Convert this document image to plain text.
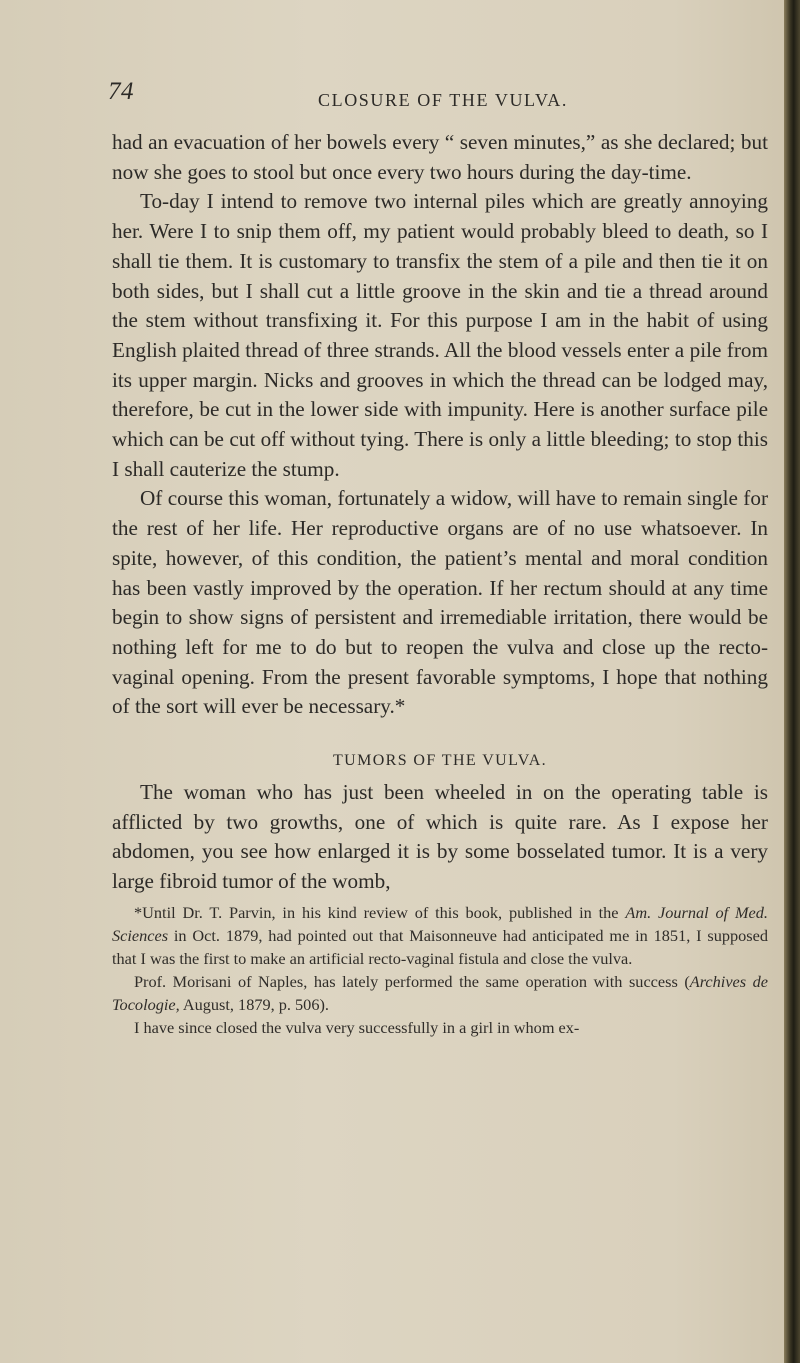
74	CLOSURE OF THE VULVA.

had an evacuation of her bowels every “ seven minutes,” as she declared; but now she goes to stool but once every two hours during the day-time.

To-day I intend to remove two internal piles which are greatly annoying her. Were I to snip them off, my patient would probably bleed to death, so I shall tie them. It is customary to transfix the stem of a pile and then tie it on both sides, but I shall cut a little groove in the skin and tie a thread around the stem without transfixing it. For this purpose I am in the habit of using English plaited thread of three strands. All the blood vessels enter a pile from its upper margin. Nicks and grooves in which the thread can be lodged may, therefore, be cut in the lower side with impunity. Here is another surface pile which can be cut off without tying. There is only a little bleeding; to stop this I shall cauterize the stump.

Of course this woman, fortunately a widow, will have to remain single for the rest of her life. Her reproductive organs are of no use whatsoever. In spite, however, of this condition, the patient’s mental and moral condition has been vastly improved by the operation. If her rectum should at any time begin to show signs of persistent and irremediable irritation, there would be nothing left for me to do but to reopen the vulva and close up the recto-vaginal opening. From the present favorable symptoms, I hope that nothing of the sort will ever be necessary.*

TUMORS OF THE VULVA.

The woman who has just been wheeled in on the operating table is afflicted by two growths, one of which is quite rare. As I expose her abdomen, you see how enlarged it is by some bosselated tumor. It is a very large fibroid tumor of the womb,

*Until Dr. T. Parvin, in his kind review of this book, published in the Am. Journal of Med. Sciences in Oct. 1879, had pointed out that Maisonneuve had anticipated me in 1851, I supposed that I was the first to make an artificial recto-vaginal fistula and close the vulva.

Prof. Morisani of Naples, has lately performed the same operation with success (Archives de Tocologie, August, 1879, p. 506).

I have since closed the vulva very successfully in a girl in whom ex-
